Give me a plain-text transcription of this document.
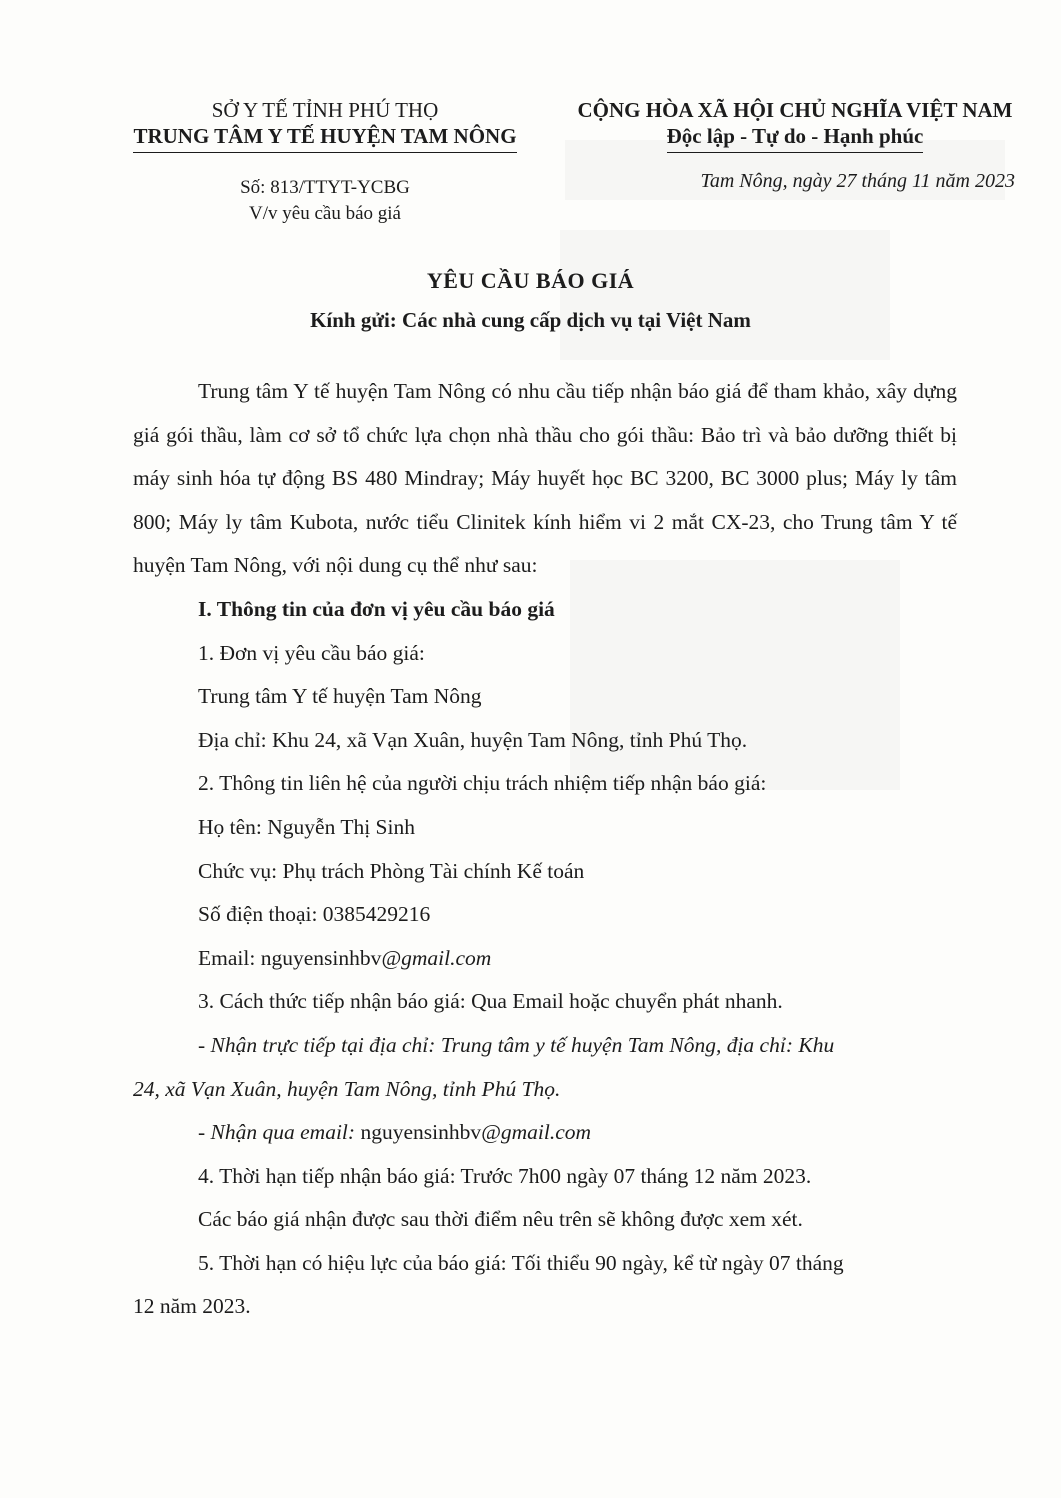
SỞ Y TẾ TỈNH PHÚ THỌ
TRUNG TÂM Y TẾ HUYỆN TAM NÔNG
CỘNG HÒA XÃ HỘI CHỦ NGHĨA VIỆT NAM
Độc lập - Tự do - Hạnh phúc
Số: 813/TTYT-YCBG
V/v yêu cầu báo giá
Tam Nông, ngày 27 tháng 11 năm 2023
YÊU CẦU BÁO GIÁ
Kính gửi: Các nhà cung cấp dịch vụ tại Việt Nam

Trung tâm Y tế huyện Tam Nông có nhu cầu tiếp nhận báo giá để tham khảo, xây dựng giá gói thầu, làm cơ sở tổ chức lựa chọn nhà thầu cho gói thầu: Bảo trì và bảo dưỡng thiết bị máy sinh hóa tự động BS 480 Mindray; Máy huyết học BC 3200, BC 3000 plus; Máy ly tâm 800; Máy ly tâm Kubota, nước tiểu Clinitek kính hiểm vi 2 mắt CX-23, cho Trung tâm Y tế huyện Tam Nông, với nội dung cụ thể như sau:

I. Thông tin của đơn vị yêu cầu báo giá

1. Đơn vị yêu cầu báo giá:

Trung tâm Y tế huyện Tam Nông

Địa chỉ: Khu 24, xã Vạn Xuân, huyện Tam Nông, tỉnh Phú Thọ.

2. Thông tin liên hệ của người chịu trách nhiệm tiếp nhận báo giá:

Họ tên: Nguyễn Thị Sinh

Chức vụ: Phụ trách Phòng Tài chính Kế toán

Số điện thoại: 0385429216

Email: nguyensinhbv@gmail.com

3. Cách thức tiếp nhận báo giá: Qua Email hoặc chuyển phát nhanh.

- Nhận trực tiếp tại địa chỉ: Trung tâm y tế huyện Tam Nông, địa chỉ: Khu

24, xã Vạn Xuân, huyện Tam Nông, tỉnh Phú Thọ.

- Nhận qua email: nguyensinhbv@gmail.com

4. Thời hạn tiếp nhận báo giá: Trước 7h00 ngày 07 tháng 12 năm 2023.

Các báo giá nhận được sau thời điểm nêu trên sẽ không được xem xét.

5. Thời hạn có hiệu lực của báo giá: Tối thiểu 90 ngày, kể từ ngày 07 tháng

12 năm 2023.
